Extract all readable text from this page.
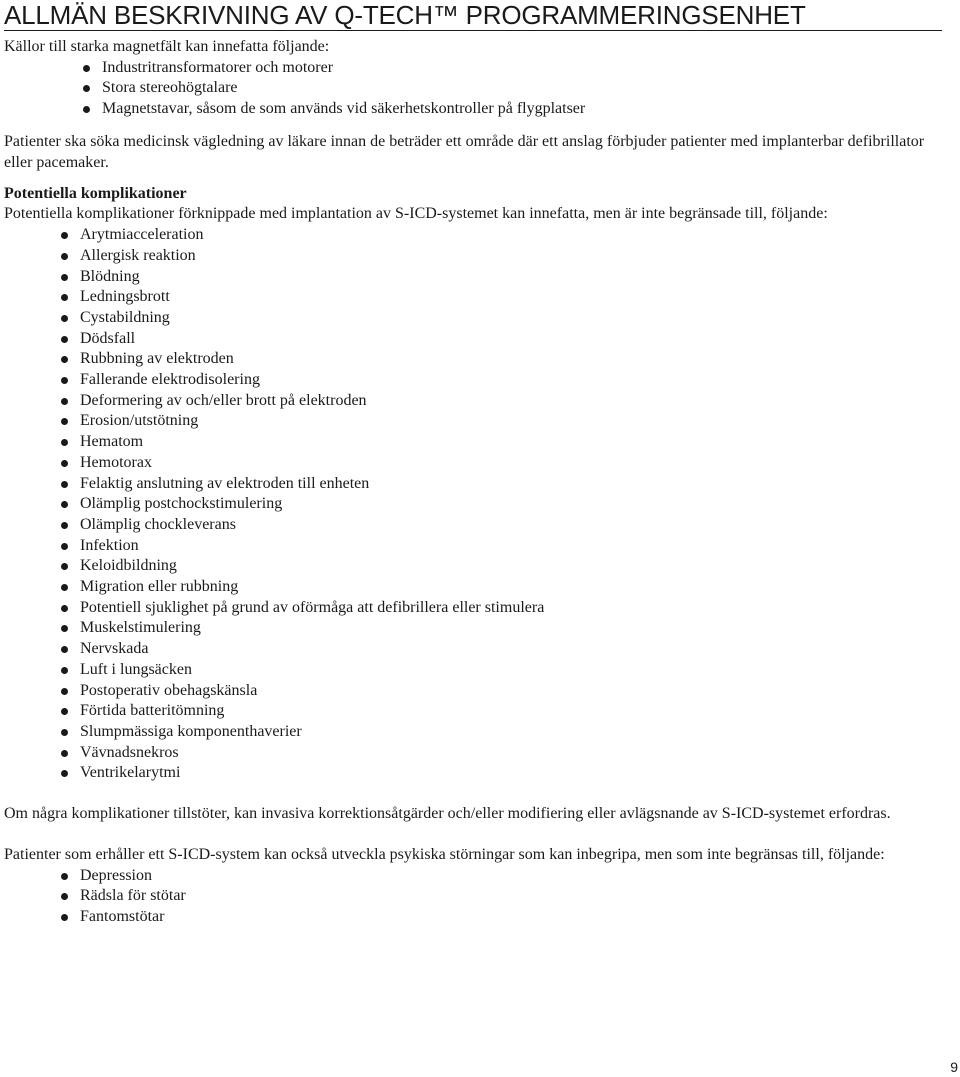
ALLMÄN BESKRIVNING AV Q-TECH™ PROGRAMMERINGSENHET

Källor till starka magnetfält kan innefatta följande:

Industritransformatorer och motorer
Stora stereohögtalare
Magnetstavar, såsom de som används vid säkerhetskontroller på flygplatser

Patienter ska söka medicinsk vägledning av läkare innan de beträder ett område där ett anslag förbjuder patienter med implanterbar defibrillator eller pacemaker.

Potentiella komplikationer

Potentiella komplikationer förknippade med implantation av S-ICD-systemet kan innefatta, men är inte begränsade till, följande:

Arytmiacceleration
Allergisk reaktion
Blödning
Ledningsbrott
Cystabildning
Dödsfall
Rubbning av elektroden
Fallerande elektrodisolering
Deformering av och/eller brott på elektroden
Erosion/utstötning
Hematom
Hemotorax
Felaktig anslutning av elektroden till enheten
Olämplig postchockstimulering
Olämplig chockleverans
Infektion
Keloidbildning
Migration eller rubbning
Potentiell sjuklighet på grund av oförmåga att defibrillera eller stimulera
Muskelstimulering
Nervskada
Luft i lungsäcken
Postoperativ obehagskänsla
Förtida batteritömning
Slumpmässiga komponenthaverier
Vävnadsnekros
Ventrikelarytmi

Om några komplikationer tillstöter, kan invasiva korrektionsåtgärder och/eller modifiering eller avlägsnande av S-ICD-systemet erfordras.

Patienter som erhåller ett S-ICD-system kan också utveckla psykiska störningar som kan inbegripa, men som inte begränsas till, följande:

Depression
Rädsla för stötar
Fantomstötar
9
